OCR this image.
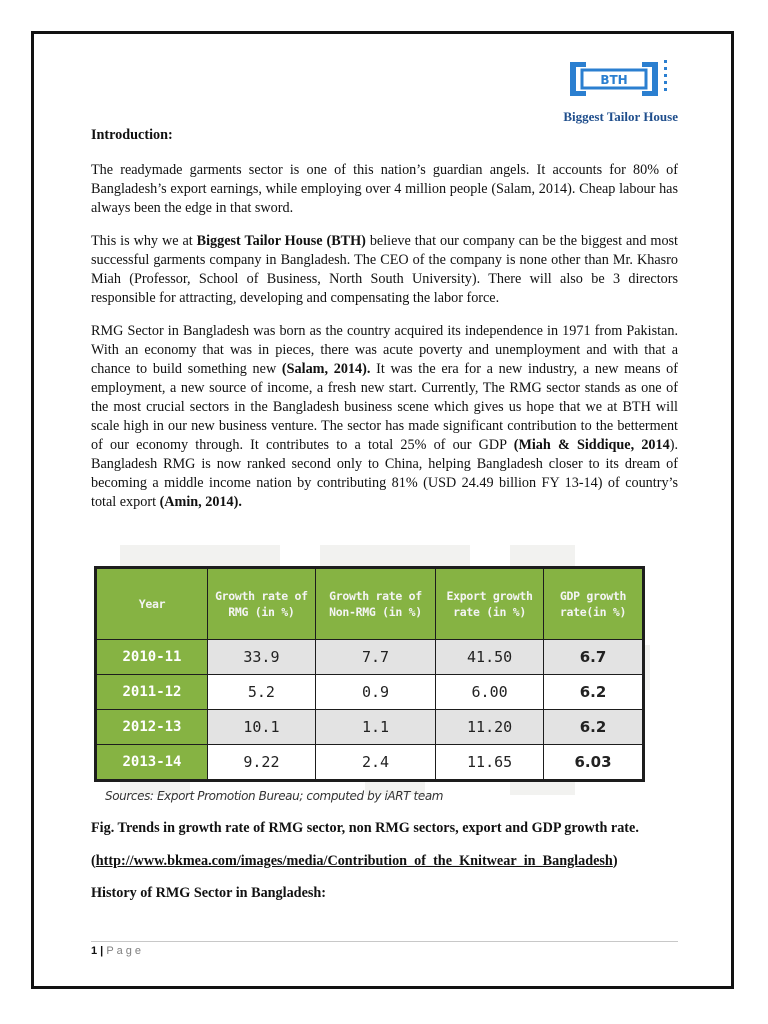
BTH
Biggest Tailor House
Introduction:

The readymade garments sector is one of this nation’s guardian angels. It accounts for 80% of Bangladesh’s export earnings, while employing over 4 million people (Salam, 2014). Cheap labour has always been the edge in that sword.

This is why we at Biggest Tailor House (BTH) believe that our company can be the biggest and most successful garments company in Bangladesh. The CEO of the company is none other than Mr. Khasro Miah (Professor, School of Business, North South University). There will also be 3 directors responsible for attracting, developing and compensating the labor force.

RMG Sector in Bangladesh was born as the country acquired its independence in 1971 from Pakistan. With an economy that was in pieces, there was acute poverty and unemployment and with that a chance to build something new (Salam, 2014). It was the era for a new industry, a new means of employment, a new source of income, a fresh new start. Currently, The RMG sector stands as one of the most crucial sectors in the Bangladesh business scene which gives us hope that we at BTH will scale high in our new business venture. The sector has made significant contribution to the betterment of our economy through. It contributes to a total 25% of our GDP (Miah & Siddique, 2014). Bangladesh RMG is now ranked second only to China, helping Bangladesh closer to its dream of becoming a middle income nation by contributing 81% (USD 24.49 billion FY 13-14) of country’s total export (Amin, 2014).

Year	Growth rate of RMG (in %)	Growth rate of Non-RMG (in %)	Export growth rate (in %)	GDP growth rate(in %)
2010-11	33.9	7.7	41.50	6.7
2011-12	5.2	0.9	6.00	6.2
2012-13	10.1	1.1	11.20	6.2
2013-14	9.22	2.4	11.65	6.03
Sources: Export Promotion Bureau; computed by iART team
Fig. Trends in growth rate of RMG sector, non RMG sectors, export and GDP growth rate.
(http://www.bkmea.com/images/media/Contribution_of_the_Knitwear_in_Bangladesh)
History of RMG Sector in Bangladesh:
1 | Page
